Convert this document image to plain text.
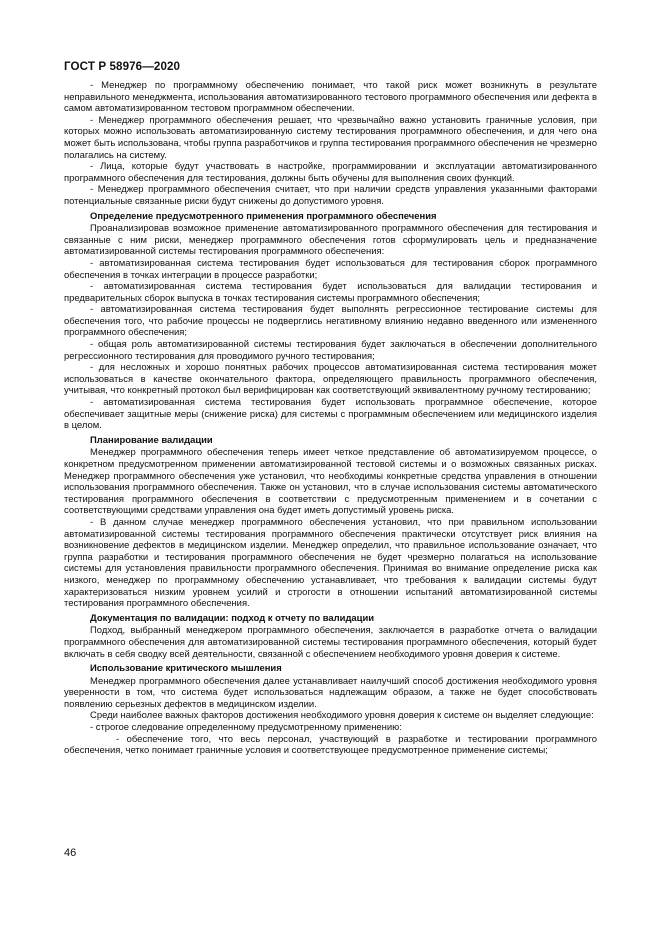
ГОСТ Р 58976—2020

- Менеджер по программному обеспечению понимает, что такой риск может возникнуть в результате неправильного менеджмента, использования автоматизированного тестового программного обеспечения или дефекта в самом автоматизированном тестовом программном обеспечении.

- Менеджер программного обеспечения решает, что чрезвычайно важно установить граничные условия, при которых можно использовать автоматизированную систему тестирования программного обеспечения, и для чего она может быть использована, чтобы группа разработчиков и группа тестирования программного обеспечения не чрезмерно полагались на систему.

- Лица, которые будут участвовать в настройке, программировании и эксплуатации автоматизированного программного обеспечения для тестирования, должны быть обучены для выполнения своих функций.

- Менеджер программного обеспечения считает, что при наличии средств управления указанными факторами потенциальные связанные риски будут снижены до допустимого уровня.

Определение предусмотренного применения программного обеспечения

Проанализировав возможное применение автоматизированного программного обеспечения для тестирования и связанные с ним риски, менеджер программного обеспечения готов сформулировать цель и предназначение автоматизированной системы тестирования программного обеспечения:

- автоматизированная система тестирования будет использоваться для тестирования сборок программного обеспечения в точках интеграции в процессе разработки;

- автоматизированная система тестирования будет использоваться для валидации тестирования и предварительных сборок выпуска в точках тестирования системы программного обеспечения;

- автоматизированная система тестирования будет выполнять регрессионное тестирование системы для обеспечения того, что рабочие процессы не подверглись негативному влиянию недавно введенного или измененного программного обеспечения;

- общая роль автоматизированной системы тестирования будет заключаться в обеспечении дополнительного регрессионного тестирования для проводимого ручного тестирования;

- для несложных и хорошо понятных рабочих процессов автоматизированная система тестирования может использоваться в качестве окончательного фактора, определяющего правильность программного обеспечения, учитывая, что конкретный протокол был верифицирован как соответствующий эквивалентному ручному тестированию;

- автоматизированная система тестирования будет использовать программное обеспечение, которое обеспечивает защитные меры (снижение риска) для системы с программным обеспечением или медицинского изделия в целом.

Планирование валидации

Менеджер программного обеспечения теперь имеет четкое представление об автоматизируемом процессе, о конкретном предусмотренном применении автоматизированной тестовой системы и о возможных связанных рисках. Менеджер программного обеспечения уже установил, что необходимы конкретные средства управления в отношении использования программного обеспечения. Также он установил, что в случае использования системы автоматического тестирования программного обеспечения в соответствии с предусмотренным применением и в сочетании с соответствующими средствами управления она будет иметь допустимый уровень риска.

- В данном случае менеджер программного обеспечения установил, что при правильном использовании автоматизированной системы тестирования программного обеспечения практически отсутствует риск влияния на возникновение дефектов в медицинском изделии. Менеджер определил, что правильное использование означает, что группа разработки и тестирования программного обеспечения не будет чрезмерно полагаться на использование системы для установления правильности программного обеспечения. Принимая во внимание определение риска как низкого, менеджер по программному обеспечению устанавливает, что требования к валидации системы будут характеризоваться низким уровнем усилий и строгости в отношении испытаний автоматизированной системы тестирования программного обеспечения.

Документация по валидации: подход к отчету по валидации

Подход, выбранный менеджером программного обеспечения, заключается в разработке отчета о валидации программного обеспечения для автоматизированной системы тестирования программного обеспечения, который будет включать в себя сводку всей деятельности, связанной с обеспечением необходимого уровня доверия к системе.

Использование критического мышления

Менеджер программного обеспечения далее устанавливает наилучший способ достижения необходимого уровня уверенности в том, что система будет использоваться надлежащим образом, а также не будет способствовать появлению серьезных дефектов в медицинском изделии.

Среди наиболее важных факторов достижения необходимого уровня доверия к системе он выделяет следующие:

- строгое следование определенному предусмотренному применению:

- обеспечение того, что весь персонал, участвующий в разработке и тестировании программного обеспечения, четко понимает граничные условия и соответствующее предусмотренное применение системы;

46
